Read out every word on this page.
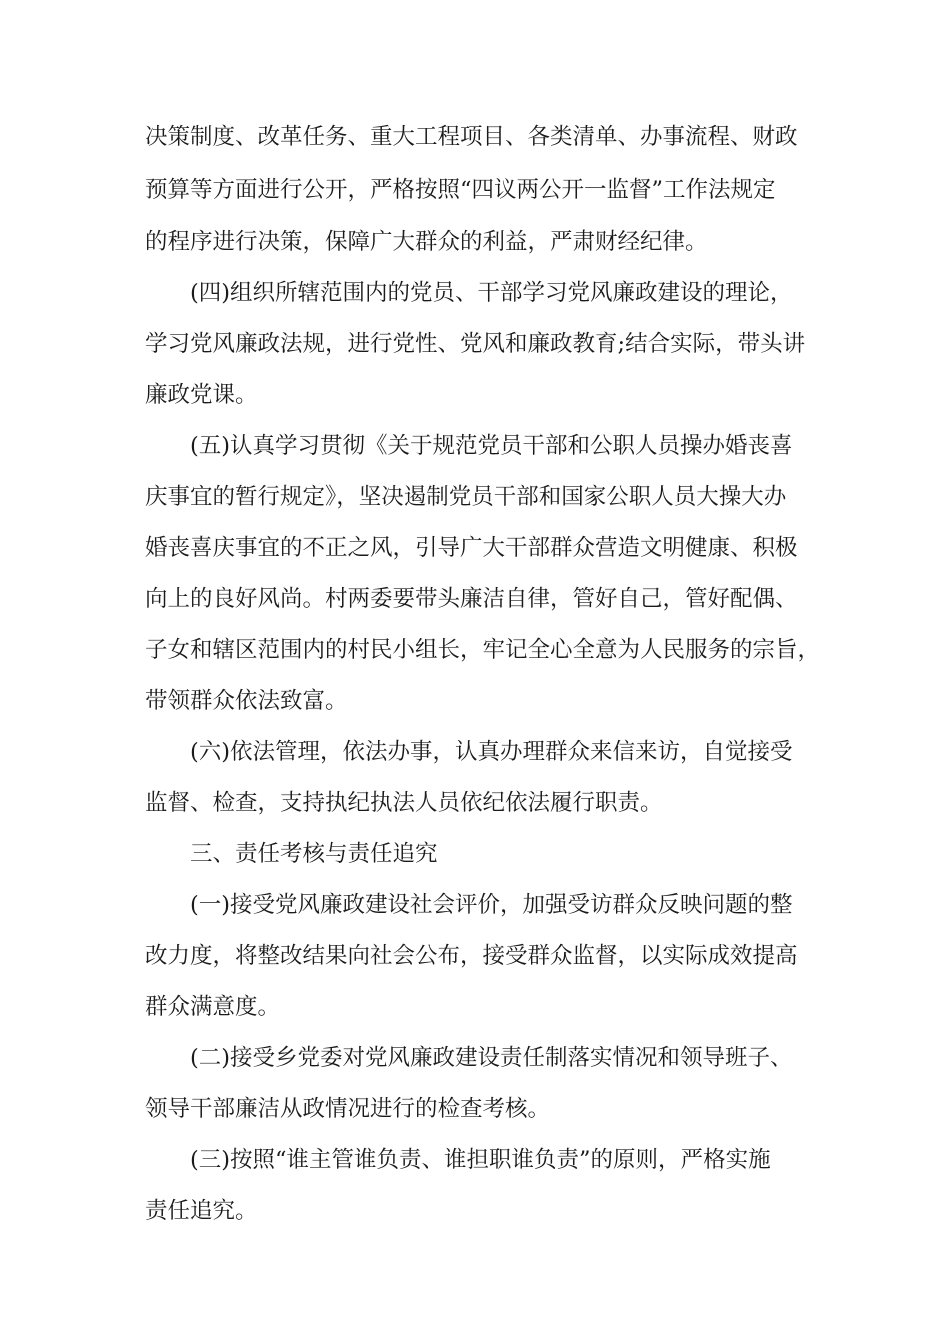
决策制度、改革任务、重大工程项目、各类清单、办事流程、财政
预算等方面进行公开，严格按照“四议两公开一监督”工作法规定
的程序进行决策，保障广大群众的利益，严肃财经纪律。
(四)组织所辖范围内的党员、干部学习党风廉政建设的理论，
学习党风廉政法规，进行党性、党风和廉政教育;结合实际，带头讲
廉政党课。
(五)认真学习贯彻《关于规范党员干部和公职人员操办婚丧喜
庆事宜的暂行规定》，坚决遏制党员干部和国家公职人员大操大办
婚丧喜庆事宜的不正之风，引导广大干部群众营造文明健康、积极
向上的良好风尚。村两委要带头廉洁自律，管好自己，管好配偶、
子女和辖区范围内的村民小组长，牢记全心全意为人民服务的宗旨，
带领群众依法致富。
(六)依法管理，依法办事，认真办理群众来信来访，自觉接受
监督、检查，支持执纪执法人员依纪依法履行职责。
三、责任考核与责任追究
(一)接受党风廉政建设社会评价，加强受访群众反映问题的整
改力度，将整改结果向社会公布，接受群众监督，以实际成效提高
群众满意度。
(二)接受乡党委对党风廉政建设责任制落实情况和领导班子、
领导干部廉洁从政情况进行的检查考核。
(三)按照“谁主管谁负责、谁担职谁负责”的原则，严格实施
责任追究。
